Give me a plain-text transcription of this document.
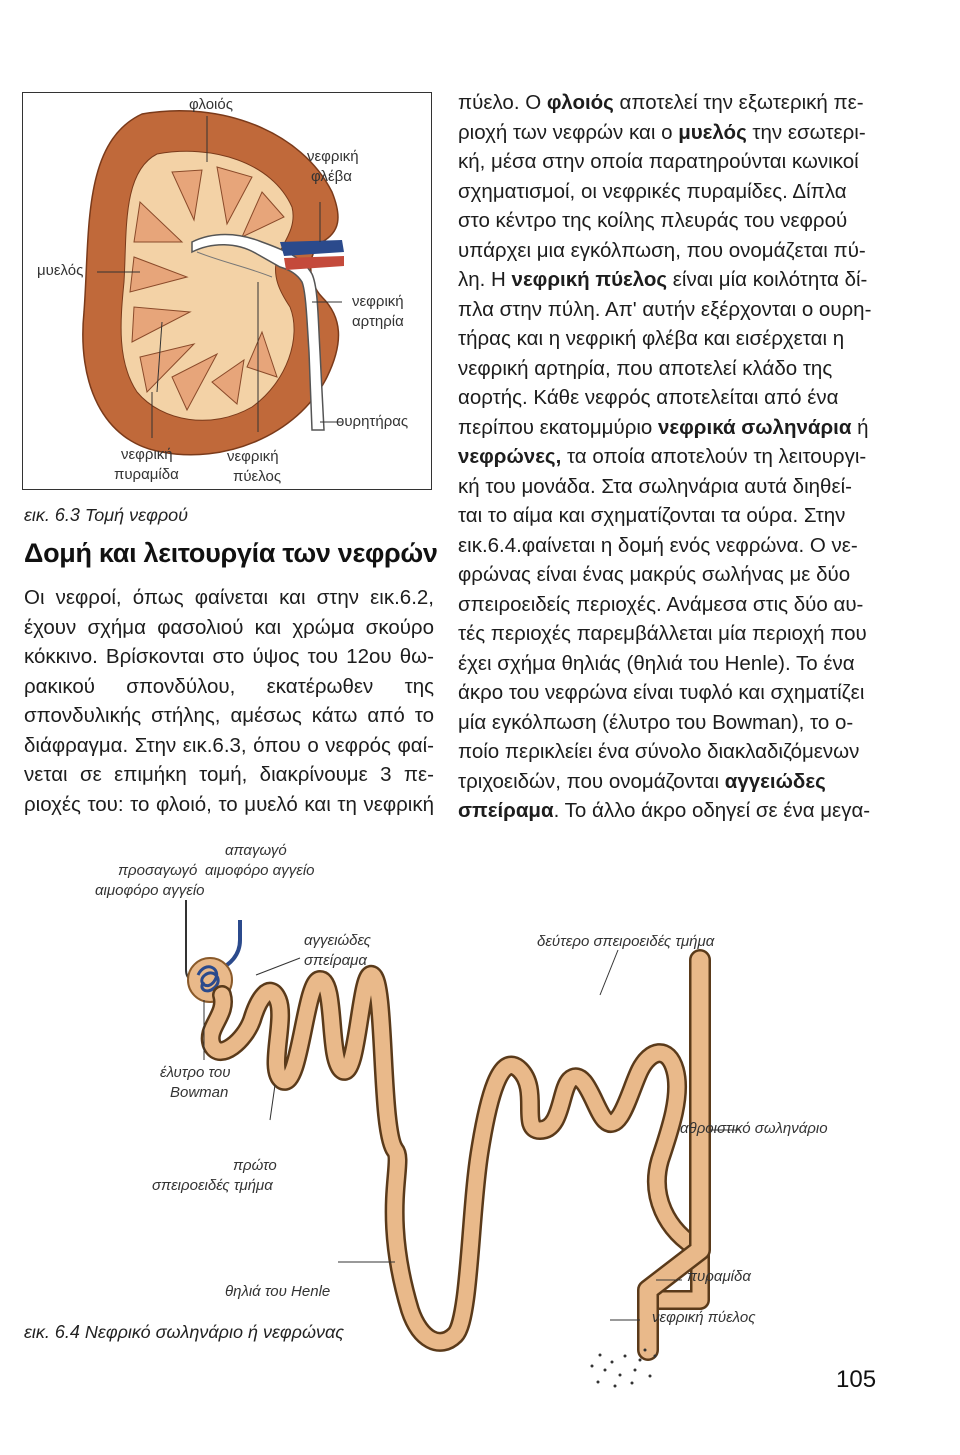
φλοιός
μυελός
νεφρική
φλέβα
νεφρική
αρτηρία
ουρητήρας
νεφρική
πυραμίδα
νεφρική
πύελος
εικ. 6.3 Τομή νεφρού
Δομή και λειτουργία των νεφρών

Οι νεφροί, όπως φαίνεται και στην εικ.6.2,

έχουν σχήμα φασολιού και χρώμα σκούρο

κόκκινο. Βρίσκονται στο ύψος του 12ου θω-

ρακικού σπονδύλου, εκατέρωθεν της

σπονδυλικής στήλης, αμέσως κάτω από το

διάφραγμα. Στην εικ.6.3, όπου ο νεφρός φαί-

νεται σε επιμήκη τομή, διακρίνουμε 3 πε-

ριοχές του: το φλοιό, το μυελό και τη νεφρική

πύελο. Ο φλοιός αποτελεί την εξωτερική πε-
ριοχή των νεφρών και ο μυελός την εσωτερι-
κή, μέσα στην οποία παρατηρούνται κωνικοί
σχηματισμοί, οι νεφρικές πυραμίδες. Δίπλα
στο κέντρο της κοίλης πλευράς του νεφρού
υπάρχει μια εγκόλπωση, που ονομάζεται πύ-
λη. Η νεφρική πύελος είναι μία κοιλότητα δί-
πλα στην πύλη. Απ' αυτήν εξέρχονται ο ουρη-
τήρας και η νεφρική φλέβα και εισέρχεται η
νεφρική αρτηρία, που αποτελεί κλάδο της
αορτής. Κάθε νεφρός αποτελείται από ένα
περίπου εκατομμύριο νεφρικά σωληνάρια ή
νεφρώνες, τα οποία αποτελούν τη λειτουργι-
κή του μονάδα. Στα σωληνάρια αυτά διηθεί-
ται το αίμα και σχηματίζονται τα ούρα. Στην
εικ.6.4.φαίνεται η δομή ενός νεφρώνα. Ο νε-
φρώνας είναι ένας μακρύς σωλήνας με δύο
σπειροειδείς περιοχές. Ανάμεσα στις δύο αυ-
τές περιοχές παρεμβάλλεται μία περιοχή που
έχει σχήμα θηλιάς (θηλιά του Henle). Το ένα
άκρο του νεφρώνα είναι τυφλό και σχηματίζει
μία εγκόλπωση (έλυτρο του Bowman), το ο-
ποίο περικλείει ένα σύνολο διακλαδιζόμενων
τριχοειδών, που ονομάζονται αγγειώδες
σπείραμα. Το άλλο άκρο οδηγεί σε ένα μεγα-
απαγωγό
αιμοφόρο αγγείο
προσαγωγό
αιμοφόρο αγγείο
αγγειώδες
σπείραμα
δεύτερο σπειροειδές τμήμα
έλυτρο του
Bowman
αθροιστικό σωληνάριο
πρώτο
σπειροειδές τμήμα
θηλιά του Henle
πυραμίδα
νεφρική πύελος
εικ. 6.4 Νεφρικό σωληνάριο ή νεφρώνας
105
